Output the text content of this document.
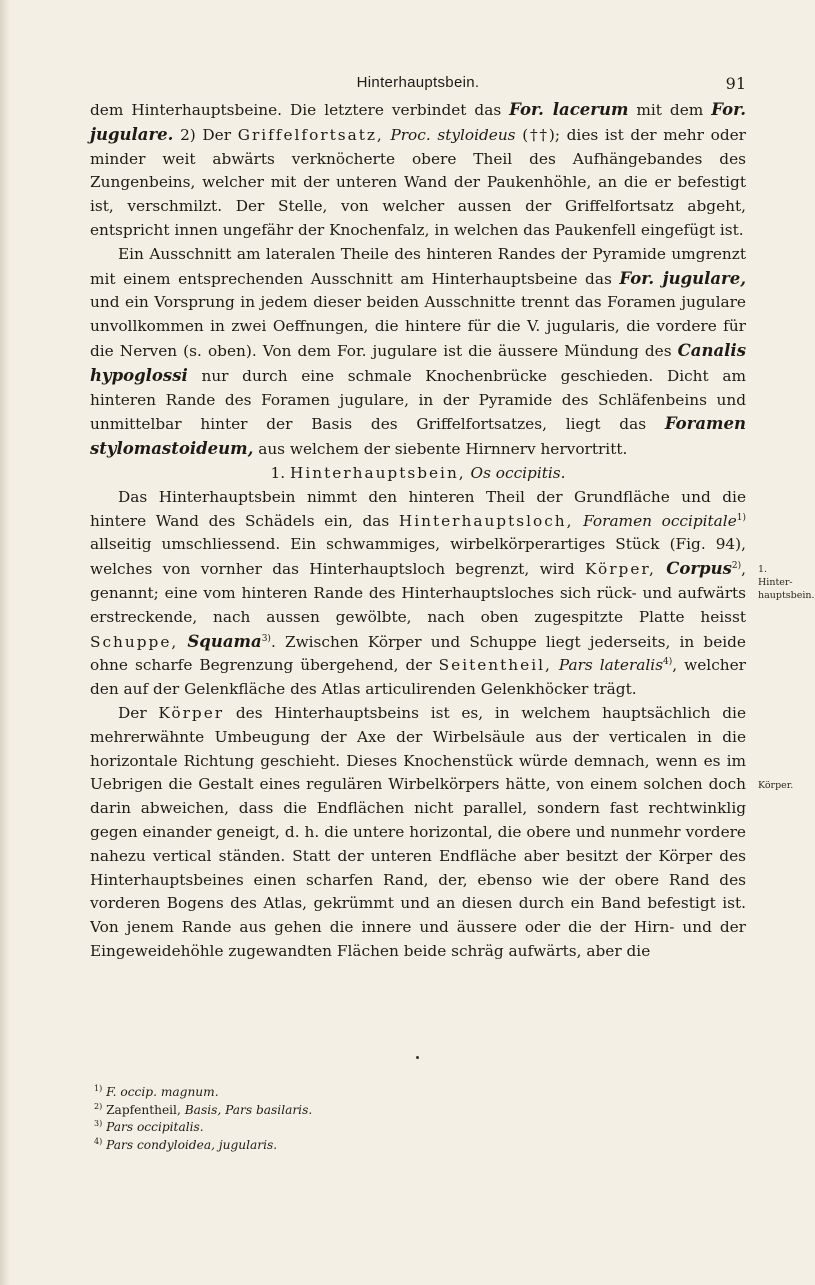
Hinterhauptsbein.	91

dem Hinterhauptsbeine. Die letztere verbindet das For. lacerum mit dem For. jugulare. 2) Der Griffelfortsatz, Proc. styloideus (††); dies ist der mehr oder minder weit abwärts verknöcherte obere Theil des Aufhängebandes des Zungenbeins, welcher mit der unteren Wand der Paukenhöhle, an die er befestigt ist, verschmilzt. Der Stelle, von welcher aussen der Griffelfortsatz abgeht, entspricht innen ungefähr der Knochenfalz, in welchen das Paukenfell eingefügt ist.

Ein Ausschnitt am lateralen Theile des hinteren Randes der Pyramide umgrenzt mit einem entsprechenden Ausschnitt am Hinterhauptsbeine das For. jugulare, und ein Vorsprung in jedem dieser beiden Ausschnitte trennt das Foramen jugulare unvollkommen in zwei Oeffnungen, die hintere für die V. jugularis, die vordere für die Nerven (s. oben). Von dem For. jugulare ist die äussere Mündung des Canalis hypoglossi nur durch eine schmale Knochenbrücke geschieden. Dicht am hinteren Rande des Foramen jugulare, in der Pyramide des Schläfenbeins und unmittelbar hinter der Basis des Griffelfortsatzes, liegt das Foramen stylomastoideum, aus welchem der siebente Hirnnerv hervortritt.

1. Hinterhauptsbein, Os occipitis.

Das Hinterhauptsbein nimmt den hinteren Theil der Grundfläche und die hintere Wand des Schädels ein, das Hinterhauptsloch, Foramen occipitale$^{1)}$ allseitig umschliessend. Ein schwammiges, wirbelkörperartiges Stück (Fig. 94), welches von vornher das Hinterhauptsloch begrenzt, wird Körper, Corpus$^{2)}$, genannt; eine vom hinteren Rande des Hinterhauptsloches sich rück- und aufwärts erstreckende, nach aussen gewölbte, nach oben zugespitzte Platte heisst Schuppe, Squama$^{3)}$. Zwischen Körper und Schuppe liegt jederseits, in beide ohne scharfe Begrenzung übergehend, der Seitentheil, Pars lateralis$^{4)}$, welcher den auf der Gelenkfläche des Atlas articulirenden Gelenkhöcker trägt.

Der Körper des Hinterhauptsbeins ist es, in welchem hauptsächlich die mehrerwähnte Umbeugung der Axe der Wirbelsäule aus der verticalen in die horizontale Richtung geschieht. Dieses Knochenstück würde demnach, wenn es im Uebrigen die Gestalt eines regulären Wirbelkörpers hätte, von einem solchen doch darin abweichen, dass die Endflächen nicht parallel, sondern fast rechtwinklig gegen einander geneigt, d. h. die untere horizontal, die obere und nunmehr vordere nahezu vertical ständen. Statt der unteren Endfläche aber besitzt der Körper des Hinterhauptsbeines einen scharfen Rand, der, ebenso wie der obere Rand des vorderen Bogens des Atlas, gekrümmt und an diesen durch ein Band befestigt ist. Von jenem Rande aus gehen die innere und äussere oder die der Hirn- und der Eingeweidehöhle zugewandten Flächen beide schräg aufwärts, aber die

1. Hinter-
hauptsbein.
Körper.
$^{1)}$ F. occip. magnum.
$^{2)}$ Zapfentheil, Basis, Pars basilaris.
$^{3)}$ Pars occipitalis.
$^{4)}$ Pars condyloidea, jugularis.
